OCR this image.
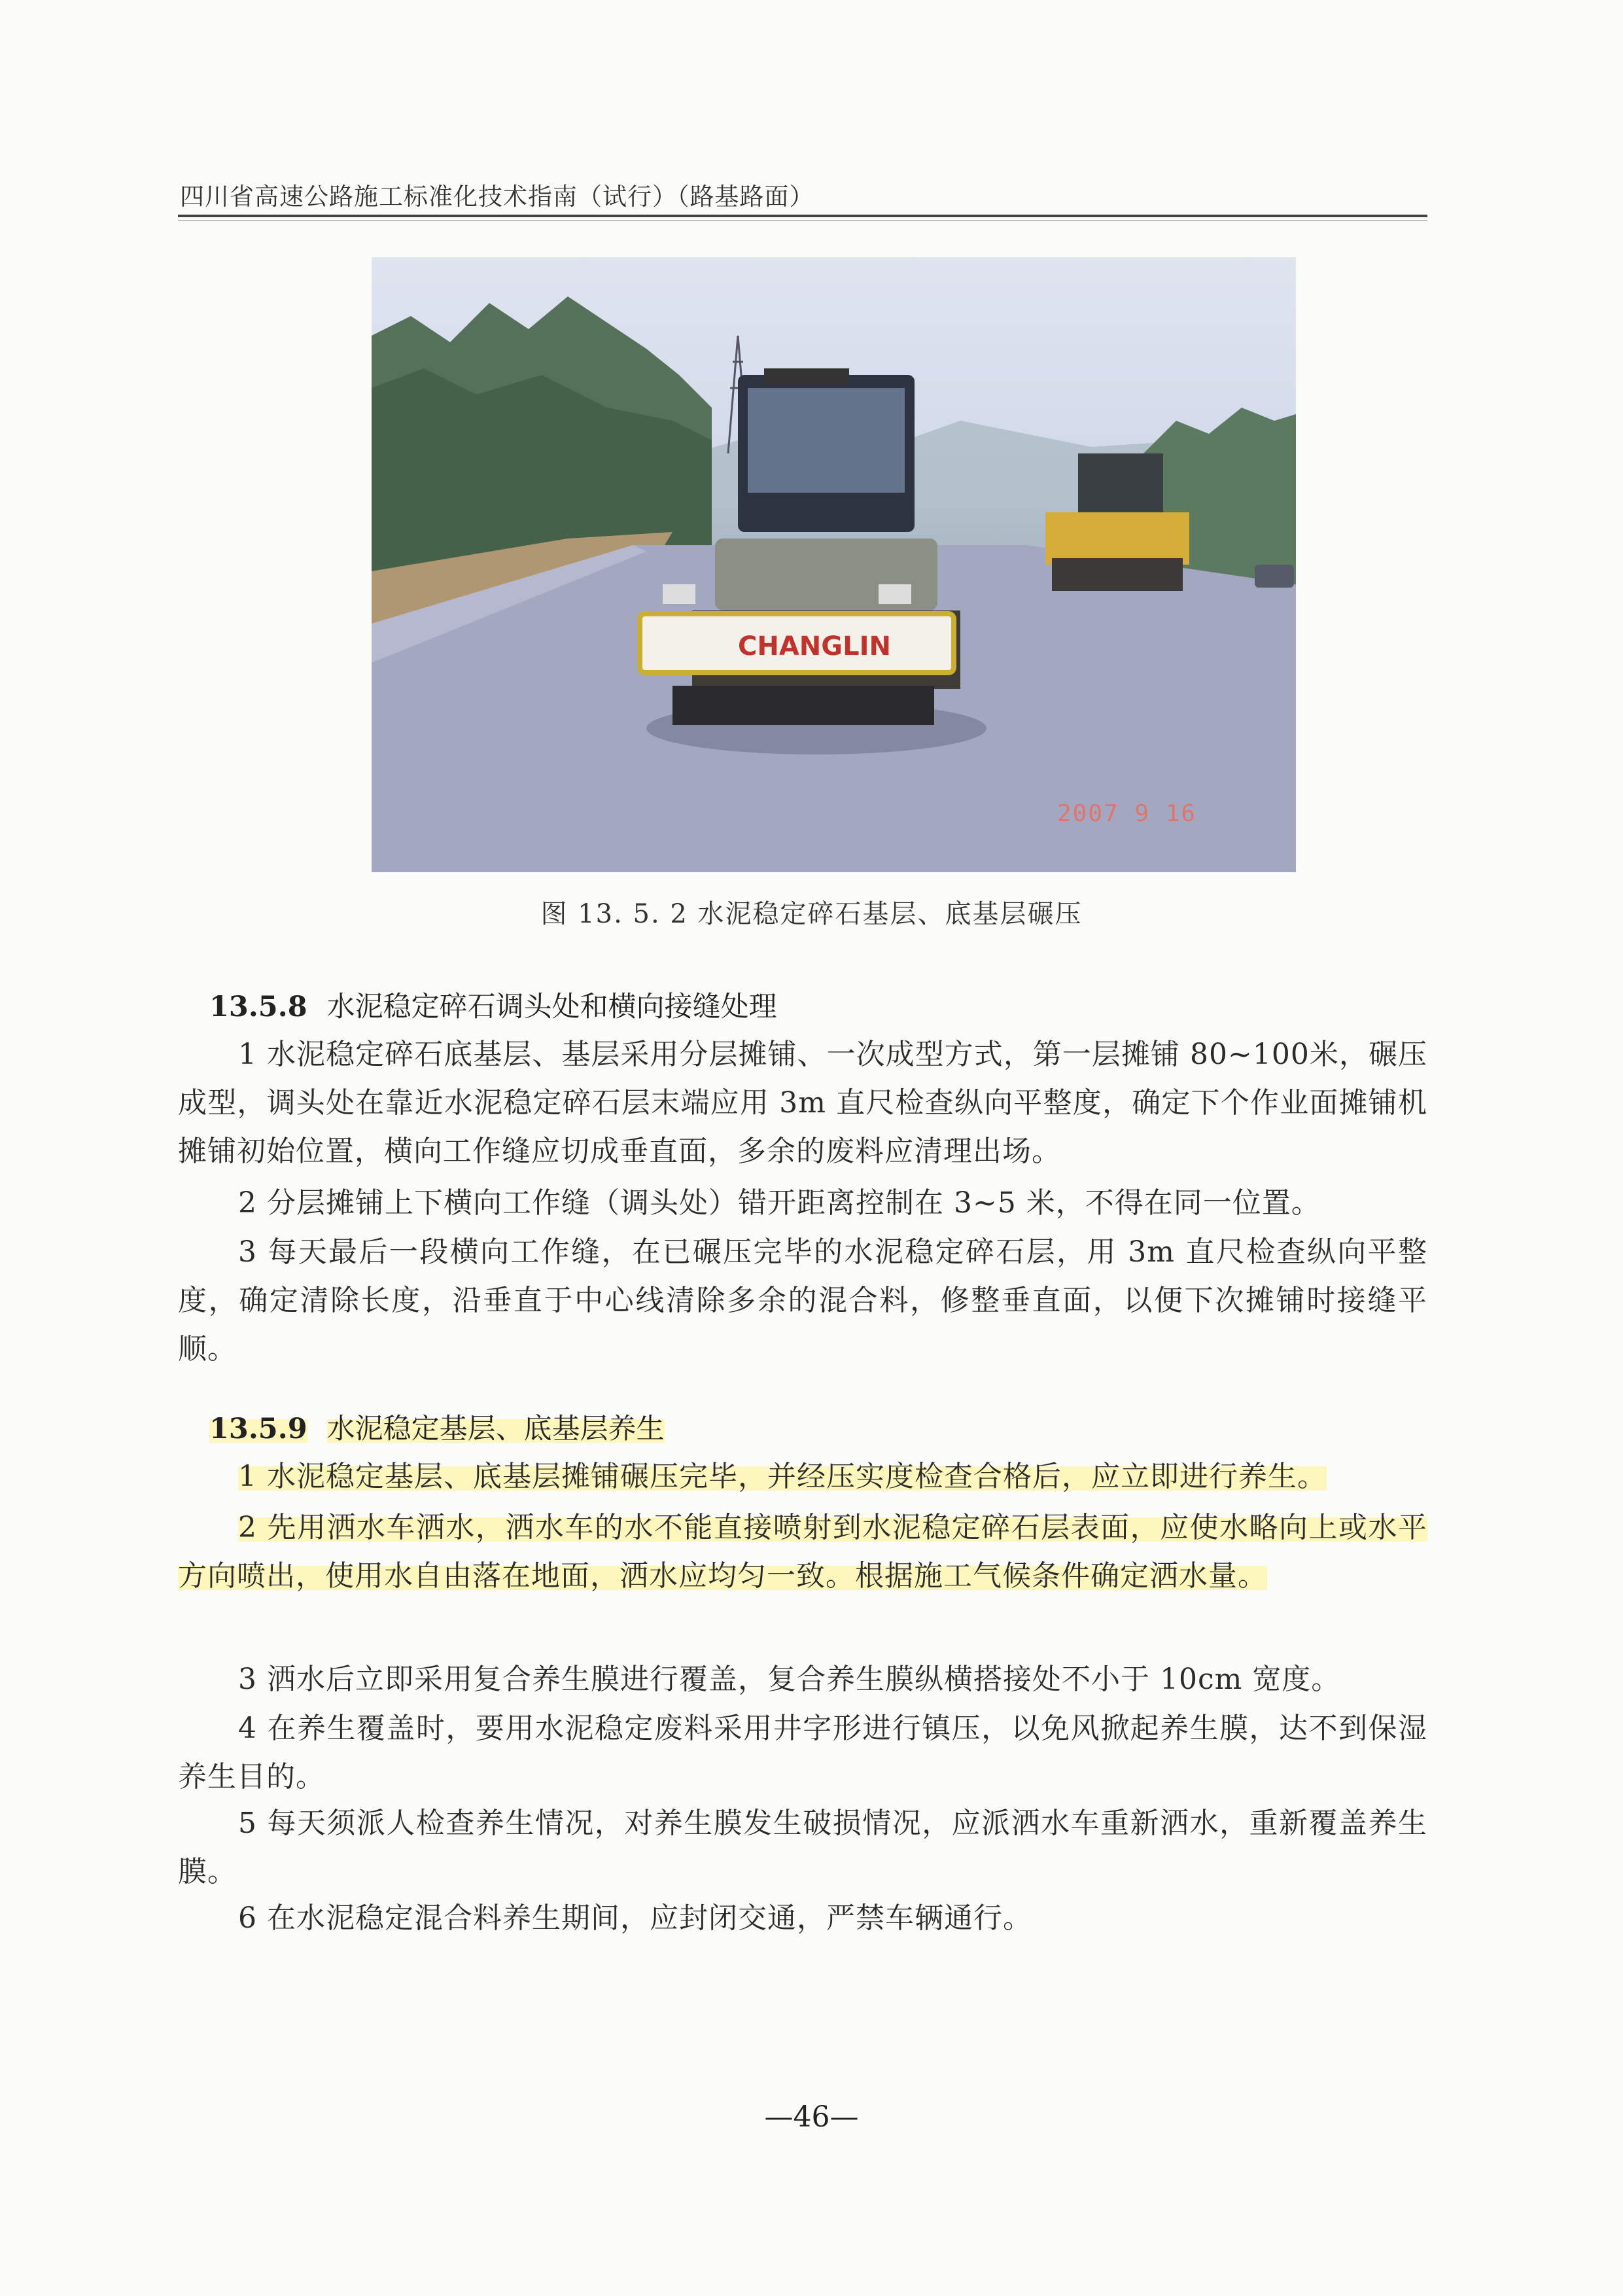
四川省高速公路施工标准化技术指南（试行）（路基路面）
CHANGLIN
2007 9 16
图 13. 5. 2 水泥稳定碎石基层、底基层碾压
13.5.8 水泥稳定碎石调头处和横向接缝处理
1 水泥稳定碎石底基层、基层采用分层摊铺、一次成型方式，第一层摊铺 80~100米，碾压成型，调头处在靠近水泥稳定碎石层末端应用 3m 直尺检查纵向平整度，确定下个作业面摊铺机摊铺初始位置，横向工作缝应切成垂直面，多余的废料应清理出场。
2 分层摊铺上下横向工作缝（调头处）错开距离控制在 3~5 米，不得在同一位置。
3 每天最后一段横向工作缝，在已碾压完毕的水泥稳定碎石层，用 3m 直尺检查纵向平整度，确定清除长度，沿垂直于中心线清除多余的混合料，修整垂直面，以便下次摊铺时接缝平顺。
13.5.9 水泥稳定基层、底基层养生
1 水泥稳定基层、底基层摊铺碾压完毕，并经压实度检查合格后，应立即进行养生。
2 先用洒水车洒水，洒水车的水不能直接喷射到水泥稳定碎石层表面，应使水略向上或水平方向喷出，使用水自由落在地面，洒水应均匀一致。根据施工气候条件确定洒水量。
3 洒水后立即采用复合养生膜进行覆盖，复合养生膜纵横搭接处不小于 10cm 宽度。
4 在养生覆盖时，要用水泥稳定废料采用井字形进行镇压，以免风掀起养生膜，达不到保湿养生目的。
5 每天须派人检查养生情况，对养生膜发生破损情况，应派洒水车重新洒水，重新覆盖养生膜。
6 在水泥稳定混合料养生期间，应封闭交通，严禁车辆通行。
—46—
